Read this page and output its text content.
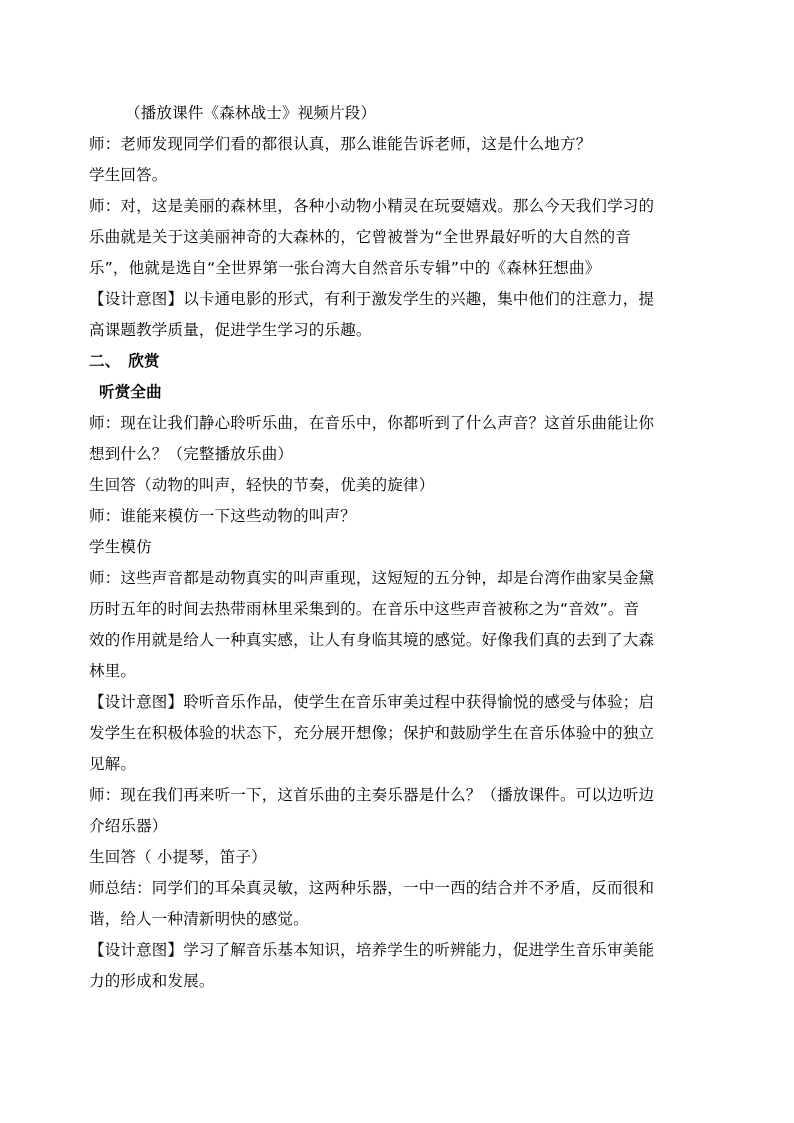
（播放课件《森林战士》视频片段）
师：老师发现同学们看的都很认真，那么谁能告诉老师，这是什么地方？
学生回答。
师：对，这是美丽的森林里，各种小动物小精灵在玩耍嬉戏。那么今天我们学习的
乐曲就是关于这美丽神奇的大森林的，它曾被誉为“全世界最好听的大自然的音
乐”，他就是选自“全世界第一张台湾大自然音乐专辑”中的《森林狂想曲》
【设计意图】以卡通电影的形式，有利于激发学生的兴趣，集中他们的注意力，提
高课题教学质量，促进学生学习的乐趣。
二、　欣赏
听赏全曲
师：现在让我们静心聆听乐曲，在音乐中，你都听到了什么声音？这首乐曲能让你
想到什么？（完整播放乐曲）
生回答（动物的叫声，轻快的节奏，优美的旋律）
师：谁能来模仿一下这些动物的叫声？
学生模仿
师：这些声音都是动物真实的叫声重现，这短短的五分钟，却是台湾作曲家吴金黛
历时五年的时间去热带雨林里采集到的。在音乐中这些声音被称之为“音效”。音
效的作用就是给人一种真实感，让人有身临其境的感觉。好像我们真的去到了大森
林里。
【设计意图】聆听音乐作品，使学生在音乐审美过程中获得愉悦的感受与体验；启
发学生在积极体验的状态下，充分展开想像；保护和鼓励学生在音乐体验中的独立
见解。
师：现在我们再来听一下，这首乐曲的主奏乐器是什么？（播放课件。可以边听边
介绍乐器）
生回答（ 小提琴，笛子）
师总结：同学们的耳朵真灵敏，这两种乐器，一中一西的结合并不矛盾，反而很和
谐，给人一种清新明快的感觉。
【设计意图】学习了解音乐基本知识，培养学生的听辨能力，促进学生音乐审美能
力的形成和发展。
